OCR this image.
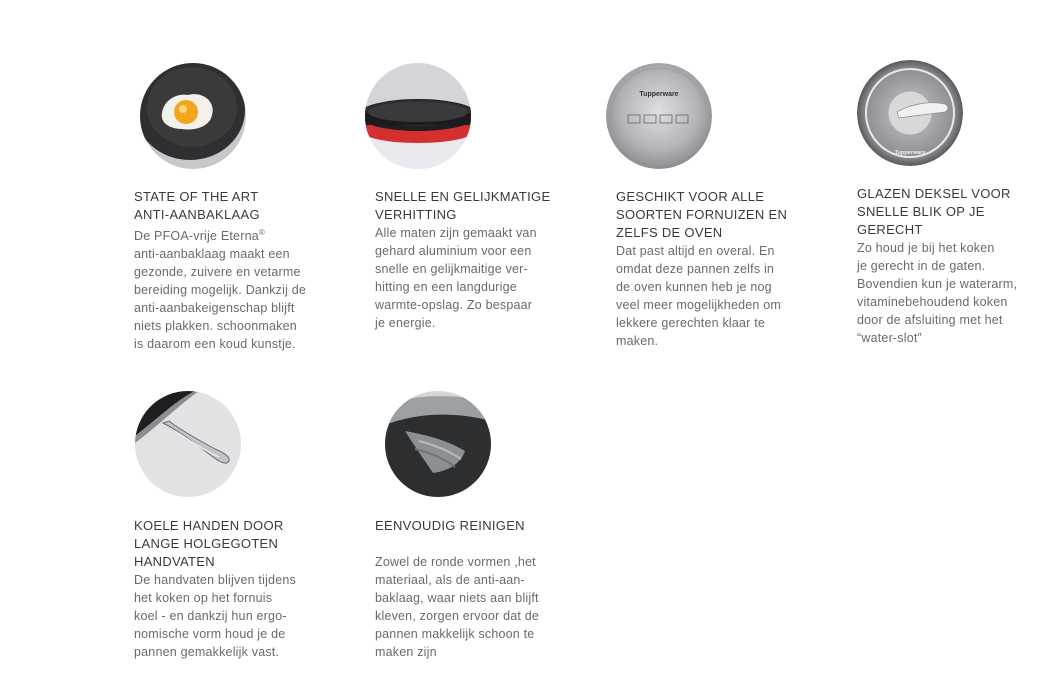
STATE OF THE ART
ANTI-AANBAKLAAG
De PFOA-vrije Eterna®
anti-aanbaklaag maakt een
gezonde, zuivere en vetarme
bereiding mogelijk. Dankzij de
anti-aanbakeigenschap blijft
niets plakken. schoonmaken
is daarom een koud kunstje.
SNELLE EN GELIJKMATIGE
VERHITTING
Alle maten zijn gemaakt van
gehard aluminium voor een
snelle en gelijkmaitige ver-
hitting en een langdurige
warmte-opslag. Zo bespaar
je energie.
Tupperware
GESCHIKT VOOR ALLE
SOORTEN FORNUIZEN EN
ZELFS DE OVEN
Dat past altijd en overal. En
omdat deze pannen zelfs in
de oven kunnen heb je nog
veel meer mogelijkheden om
lekkere gerechten klaar te
maken.
Tupperware
GLAZEN DEKSEL VOOR
SNELLE BLIK OP JE
GERECHT
Zo houd je bij het koken
je gerecht in de gaten.
Bovendien kun je waterarm,
vitaminebehoudend koken
door de afsluiting met het
“water-slot”
KOELE HANDEN DOOR
LANGE HOLGEGOTEN
HANDVATEN
De handvaten blijven tijdens
het koken op het fornuis
koel - en dankzij hun ergo-
nomische vorm houd je de
pannen gemakkelijk vast.
EENVOUDIG REINIGEN
Zowel de ronde vormen ,het
materiaal, als de anti-aan-
baklaag, waar niets aan blijft
kleven, zorgen ervoor dat de
pannen makkelijk schoon te
maken zijn
